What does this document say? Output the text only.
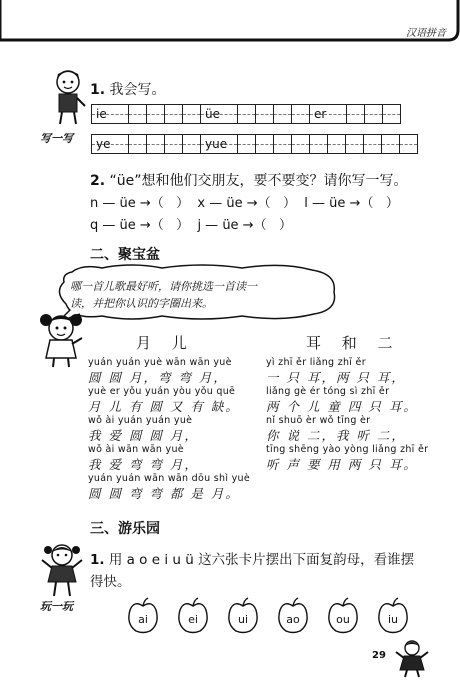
汉语拼音
写一写
1. 我会写。
ie	üe	er
ye	yue
2. “üe”想和他们交朋友，要不要变？请你写一写。
n — üe →（   ）  x — üe →（   ）  l — üe →（   ）
q — üe →（   ）  j — üe →（   ）
二、聚宝盆
哪一首儿歌最好听，请你挑选一首读一
读，并把你认识的字圈出来。
月 儿
yuán yuán yuè wān wān yuè
圆 圆 月，弯 弯 月，
yuè er yǒu yuán yòu yǒu quē
月 儿 有 圆 又 有 缺。
wǒ ài yuán yuán yuè
我 爱 圆 圆 月，
wǒ ài wān wān yuè
我 爱 弯 弯 月，
yuán yuán wān wān dōu shì yuè
圆 圆 弯 弯 都 是 月。
耳 和 二
yì zhī ěr liǎng zhī ěr
一 只 耳，两 只 耳，
liǎng gè ér tóng sì zhī ěr
两 个 儿 童 四 只 耳。
nǐ shuō èr wǒ tīng èr
你 说 二，我 听 二，
tīng shēng yào yòng liǎng zhī ěr
听 声 要 用 两 只 耳。
三、游乐园
玩一玩
1. 用 a o e i u ü 这六张卡片摆出下面复韵母，看谁摆
得快。
ai	ei	ui	ao	ou	iu
29
